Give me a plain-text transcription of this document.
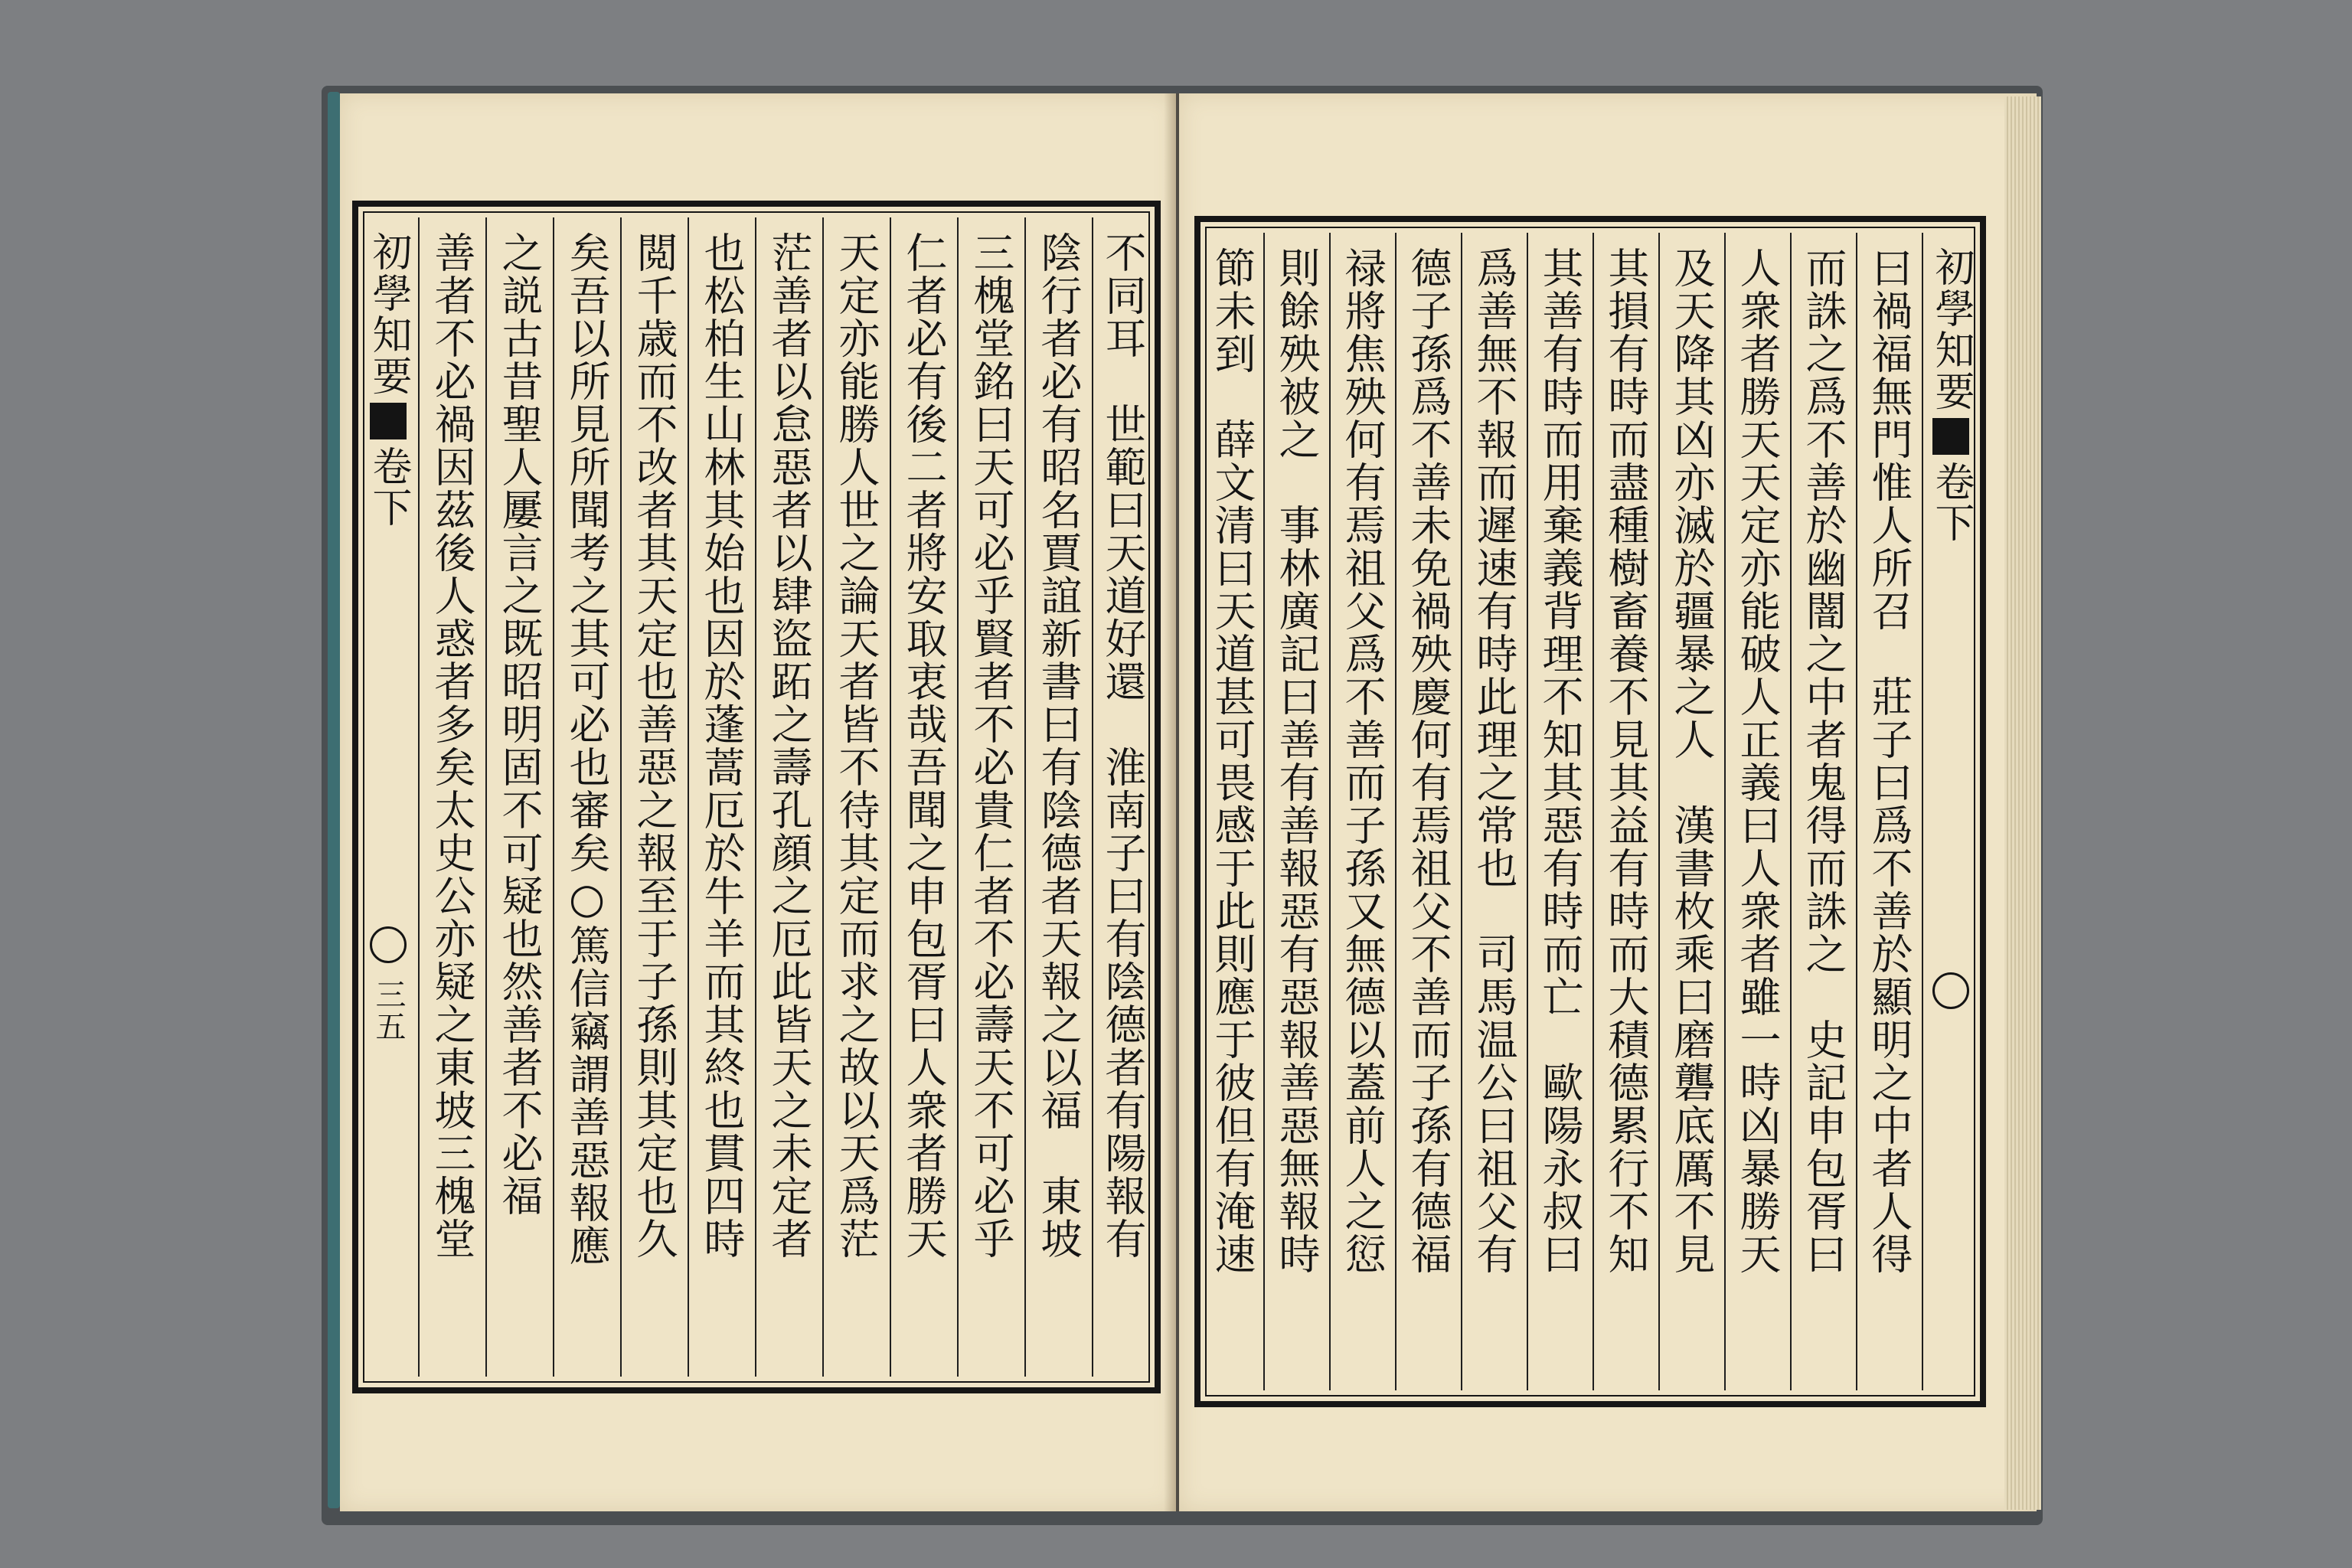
初學知要
卷下
三五 善者不必禍因茲後人惑者多矣太史公亦疑之東坡三槐堂 之説古昔聖人屢言之既昭明固不可疑也然善者不必福 矣吾以所見所聞考之其可必也審矣○篤信竊謂善惡報應 閲千歳而不改者其天定也善惡之報至于子孫則其定也久 也松柏生山林其始也因於蓬蒿厄於牛羊而其終也貫四時 茫善者以怠惡者以肆盜跖之壽孔顔之厄此皆天之未定者 天定亦能勝人世之論天者皆不待其定而求之故以天爲茫 仁者必有後二者將安取衷哉吾聞之申包胥曰人衆者勝天 三槐堂銘曰天可必乎賢者不必貴仁者不必壽天不可必乎 陰行者必有昭名賈誼新書曰有陰德者天報之以福　東坡 不同耳　世範曰天道好還　淮南子曰有陰德者有陽報有 節未到　薛文清曰天道甚可畏感于此則應于彼但有淹速 則餘殃被之　事林廣記曰善有善報惡有惡報善惡無報時 禄將焦殃何有焉祖父爲不善而子孫又無德以蓋前人之愆 德子孫爲不善未免禍殃慶何有焉祖父不善而子孫有德福 爲善無不報而遲速有時此理之常也　司馬温公曰祖父有 其善有時而用棄義背理不知其惡有時而亡　歐陽永叔曰 其損有時而盡種樹畜養不見其益有時而大積德累行不知 及天降其凶亦滅於疆暴之人　漢書枚乘曰磨礱底厲不見 人衆者勝天天定亦能破人正義曰人衆者雖一時凶暴勝天 而誅之爲不善於幽闇之中者鬼得而誅之　史記申包胥曰 曰禍福無門惟人所召　莊子曰爲不善於顯明之中者人得 初學知要
卷下
